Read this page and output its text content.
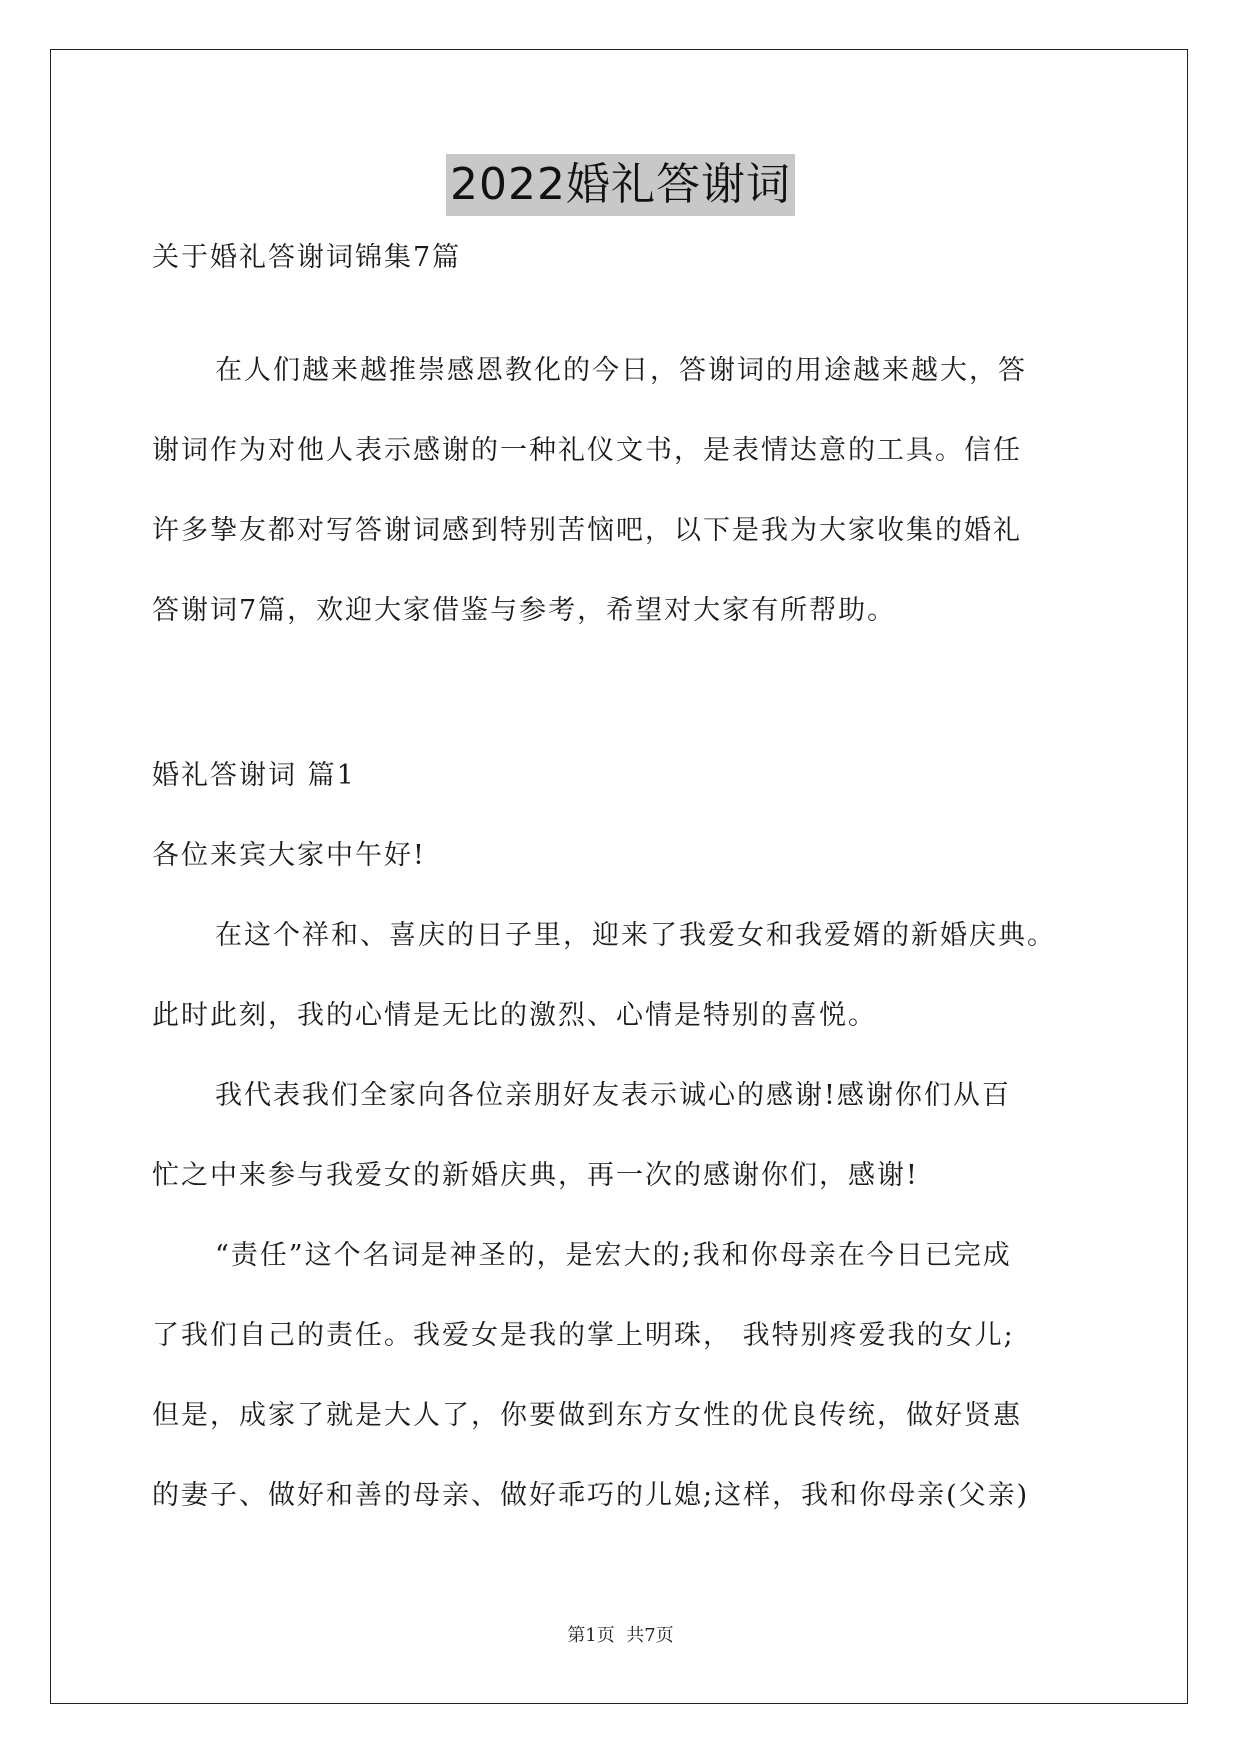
2022婚礼答谢词
关于婚礼答谢词锦集7篇
在人们越来越推崇感恩教化的今日，答谢词的用途越来越大，答
谢词作为对他人表示感谢的一种礼仪文书，是表情达意的工具。信任
许多挚友都对写答谢词感到特别苦恼吧，以下是我为大家收集的婚礼
答谢词7篇，欢迎大家借鉴与参考，希望对大家有所帮助。
婚礼答谢词 篇1
各位来宾大家中午好!
在这个祥和、喜庆的日子里，迎来了我爱女和我爱婿的新婚庆典。
此时此刻，我的心情是无比的激烈、心情是特别的喜悦。
我代表我们全家向各位亲朋好友表示诚心的感谢!感谢你们从百
忙之中来参与我爱女的新婚庆典，再一次的感谢你们，感谢!
“责任”这个名词是神圣的，是宏大的;我和你母亲在今日已完成
了我们自己的责任。我爱女是我的掌上明珠， 我特别疼爱我的女儿;
但是，成家了就是大人了，你要做到东方女性的优良传统，做好贤惠
的妻子、做好和善的母亲、做好乖巧的儿媳;这样，我和你母亲(父亲)
第1页  共7页
